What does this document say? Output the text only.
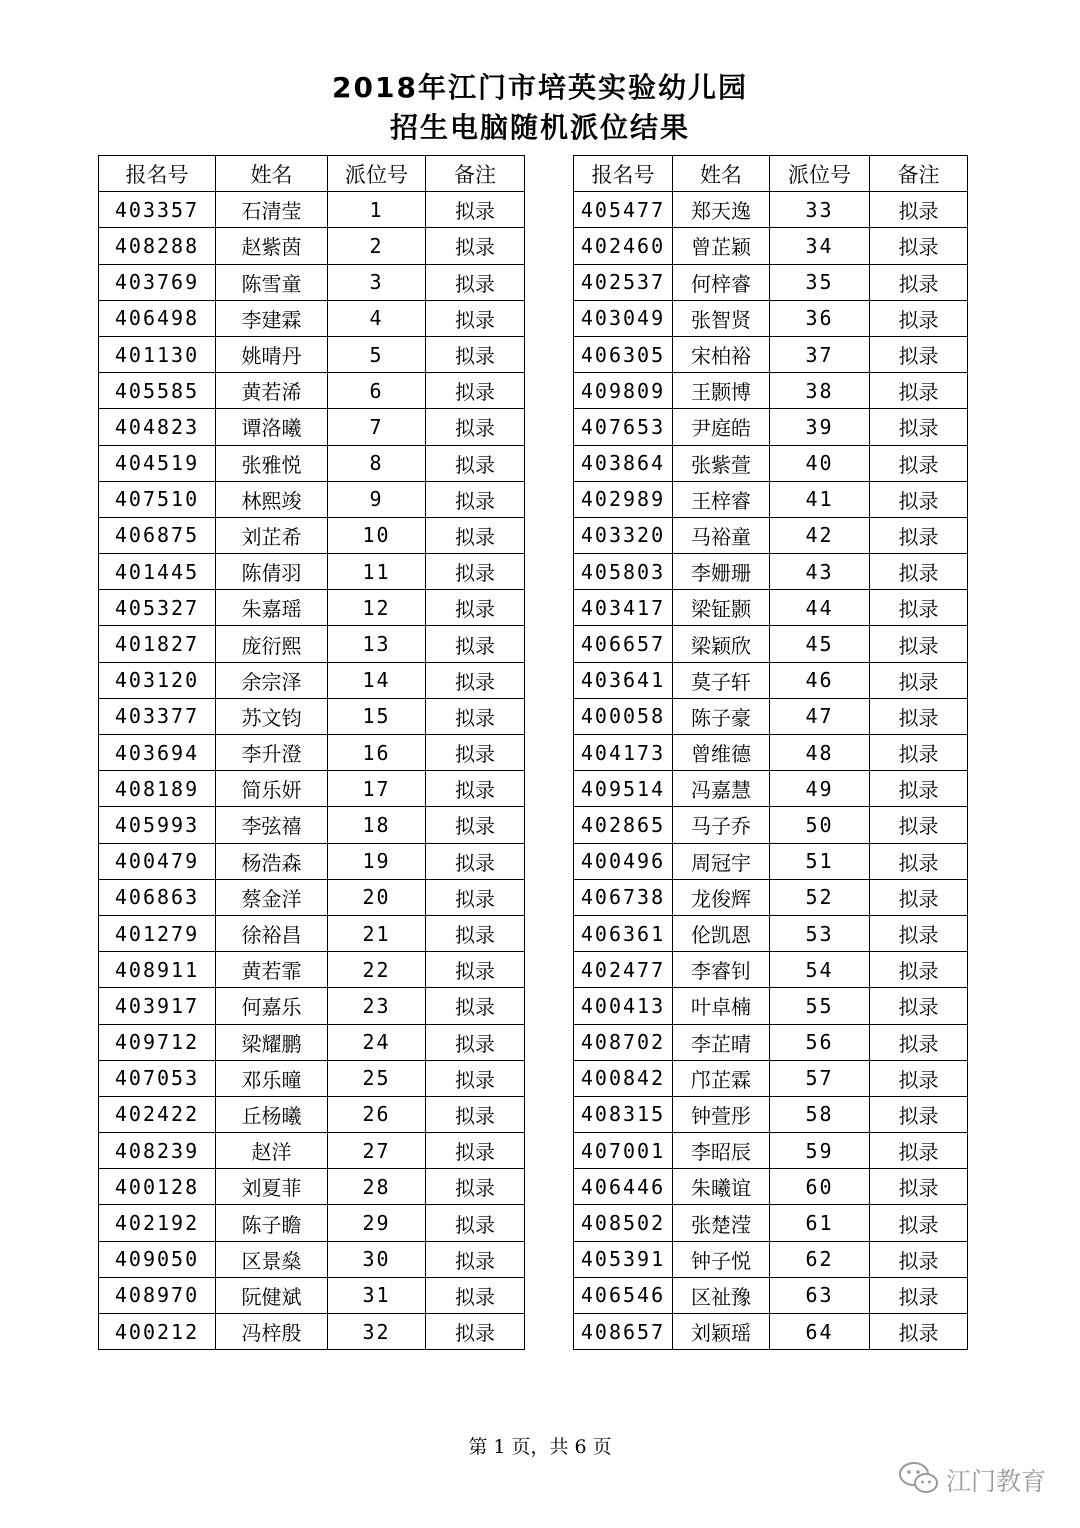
2018年江门市培英实验幼儿园
招生电脑随机派位结果
报名号	姓名	派位号	备注
403357	石清莹	1	拟录
408288	赵紫茵	2	拟录
403769	陈雪童	3	拟录
406498	李建霖	4	拟录
401130	姚晴丹	5	拟录
405585	黄若浠	6	拟录
404823	谭洛曦	7	拟录
404519	张雅悦	8	拟录
407510	林熙竣	9	拟录
406875	刘芷希	10	拟录
401445	陈倩羽	11	拟录
405327	朱嘉瑶	12	拟录
401827	庞衍熙	13	拟录
403120	余宗泽	14	拟录
403377	苏文钧	15	拟录
403694	李升澄	16	拟录
408189	简乐妍	17	拟录
405993	李弦禧	18	拟录
400479	杨浩森	19	拟录
406863	蔡金洋	20	拟录
401279	徐裕昌	21	拟录
408911	黄若霏	22	拟录
403917	何嘉乐	23	拟录
409712	梁耀鹏	24	拟录
407053	邓乐曈	25	拟录
402422	丘杨曦	26	拟录
408239	赵洋	27	拟录
400128	刘夏菲	28	拟录
402192	陈子瞻	29	拟录
409050	区景燊	30	拟录
408970	阮健斌	31	拟录
400212	冯梓殷	32	拟录
报名号	姓名	派位号	备注
405477	郑天逸	33	拟录
402460	曾芷颖	34	拟录
402537	何梓睿	35	拟录
403049	张智贤	36	拟录
406305	宋柏裕	37	拟录
409809	王颢博	38	拟录
407653	尹庭皓	39	拟录
403864	张紫萱	40	拟录
402989	王梓睿	41	拟录
403320	马裕童	42	拟录
405803	李姗珊	43	拟录
403417	梁钲颢	44	拟录
406657	梁颖欣	45	拟录
403641	莫子轩	46	拟录
400058	陈子豪	47	拟录
404173	曾维德	48	拟录
409514	冯嘉慧	49	拟录
402865	马子乔	50	拟录
400496	周冠宇	51	拟录
406738	龙俊辉	52	拟录
406361	伦凯恩	53	拟录
402477	李睿钊	54	拟录
400413	叶卓楠	55	拟录
408702	李芷晴	56	拟录
400842	邝芷霖	57	拟录
408315	钟萱彤	58	拟录
407001	李昭辰	59	拟录
406446	朱曦谊	60	拟录
408502	张楚滢	61	拟录
405391	钟子悦	62	拟录
406546	区祉豫	63	拟录
408657	刘颖瑶	64	拟录
第 1 页，共 6 页
江门教育
